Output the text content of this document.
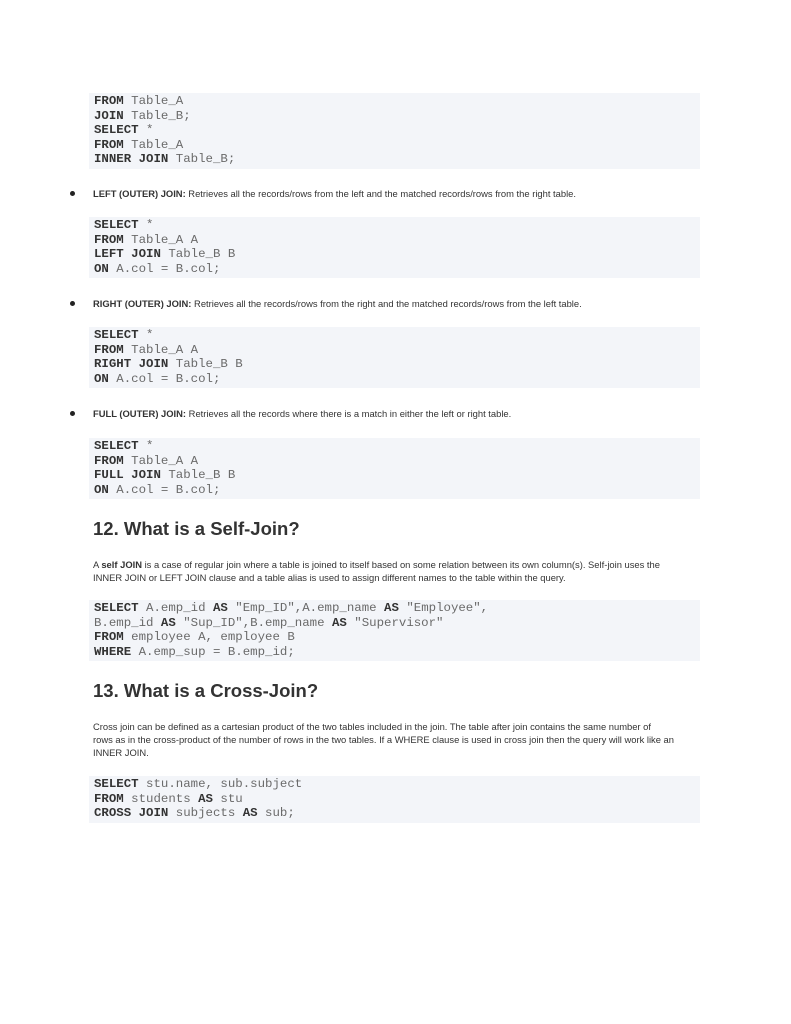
FROM Table_A
JOIN Table_B;
SELECT *
FROM Table_A
INNER JOIN Table_B;
LEFT (OUTER) JOIN: Retrieves all the records/rows from the left and the matched records/rows from the right table.
SELECT *
FROM Table_A A
LEFT JOIN Table_B B
ON A.col = B.col;
RIGHT (OUTER) JOIN: Retrieves all the records/rows from the right and the matched records/rows from the left table.
SELECT *
FROM Table_A A
RIGHT JOIN Table_B B
ON A.col = B.col;
FULL (OUTER) JOIN: Retrieves all the records where there is a match in either the left or right table.
SELECT *
FROM Table_A A
FULL JOIN Table_B B
ON A.col = B.col;
12. What is a Self-Join?
A self JOIN is a case of regular join where a table is joined to itself based on some relation between its own column(s). Self-join uses the
INNER JOIN or LEFT JOIN clause and a table alias is used to assign different names to the table within the query.
SELECT A.emp_id AS "Emp_ID",A.emp_name AS "Employee",
B.emp_id AS "Sup_ID",B.emp_name AS "Supervisor"
FROM employee A, employee B
WHERE A.emp_sup = B.emp_id;
13. What is a Cross-Join?
Cross join can be defined as a cartesian product of the two tables included in the join. The table after join contains the same number of
rows as in the cross-product of the number of rows in the two tables. If a WHERE clause is used in cross join then the query will work like an
INNER JOIN.
SELECT stu.name, sub.subject
FROM students AS stu
CROSS JOIN subjects AS sub;
